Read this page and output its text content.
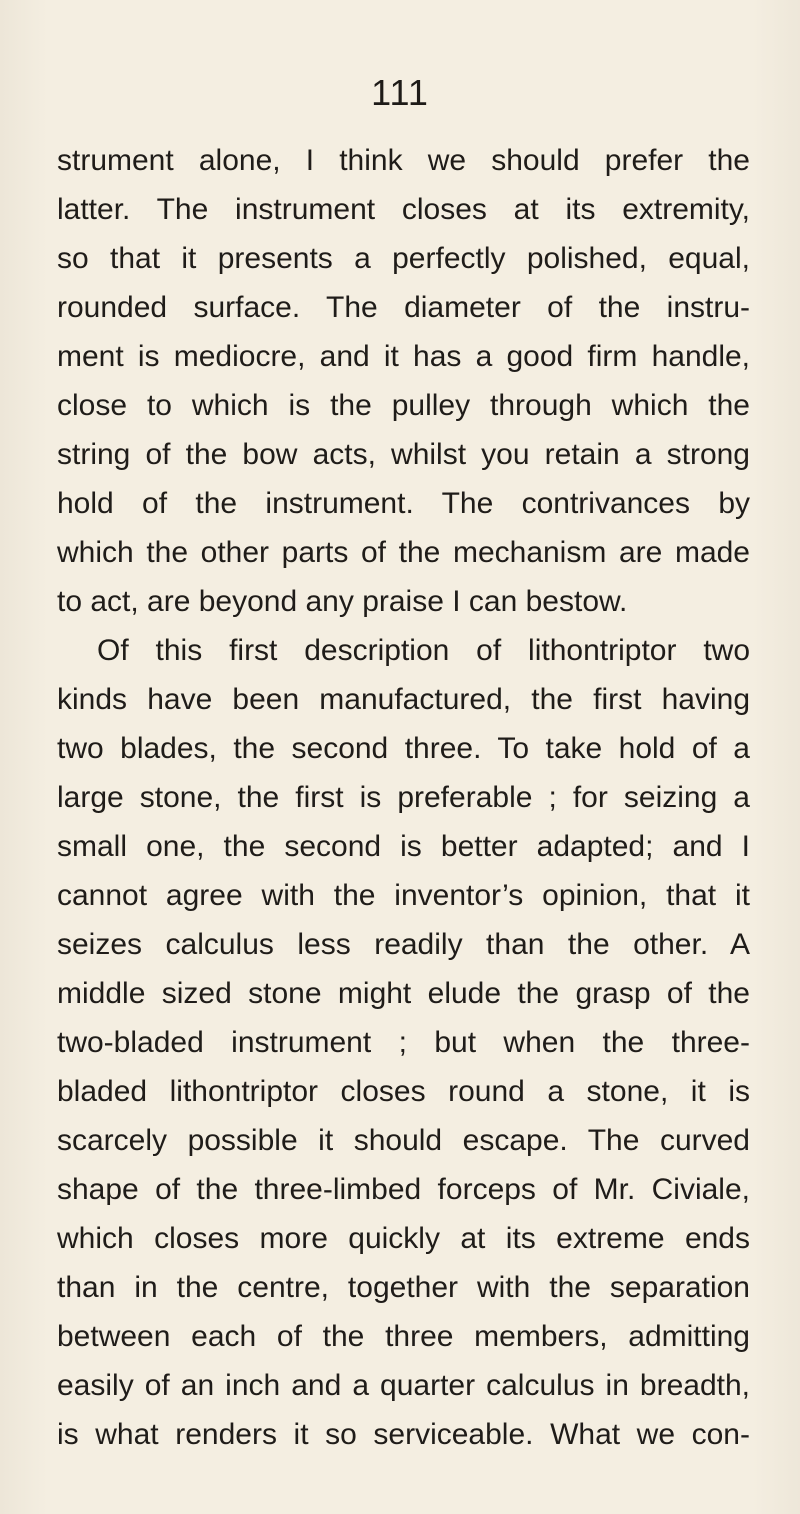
111
strument alone, I think we should prefer the
latter. The instrument closes at its extremity,
so that it presents a perfectly polished, equal,
rounded surface. The diameter of the instru-
ment is mediocre, and it has a good firm handle,
close to which is the pulley through which the
string of the bow acts, whilst you retain a strong
hold of the instrument. The contrivances by
which the other parts of the mechanism are made
to act, are beyond any praise I can bestow.
Of this first description of lithontriptor two
kinds have been manufactured, the first having
two blades, the second three. To take hold of a
large stone, the first is preferable ; for seizing a
small one, the second is better adapted; and I
cannot agree with the inventor’s opinion, that it
seizes calculus less readily than the other. A
middle sized stone might elude the grasp of the
two-bladed instrument ; but when the three-
bladed lithontriptor closes round a stone, it is
scarcely possible it should escape. The curved
shape of the three-limbed forceps of Mr. Civiale,
which closes more quickly at its extreme ends
than in the centre, together with the separation
between each of the three members, admitting
easily of an inch and a quarter calculus in breadth,
is what renders it so serviceable. What we con-
